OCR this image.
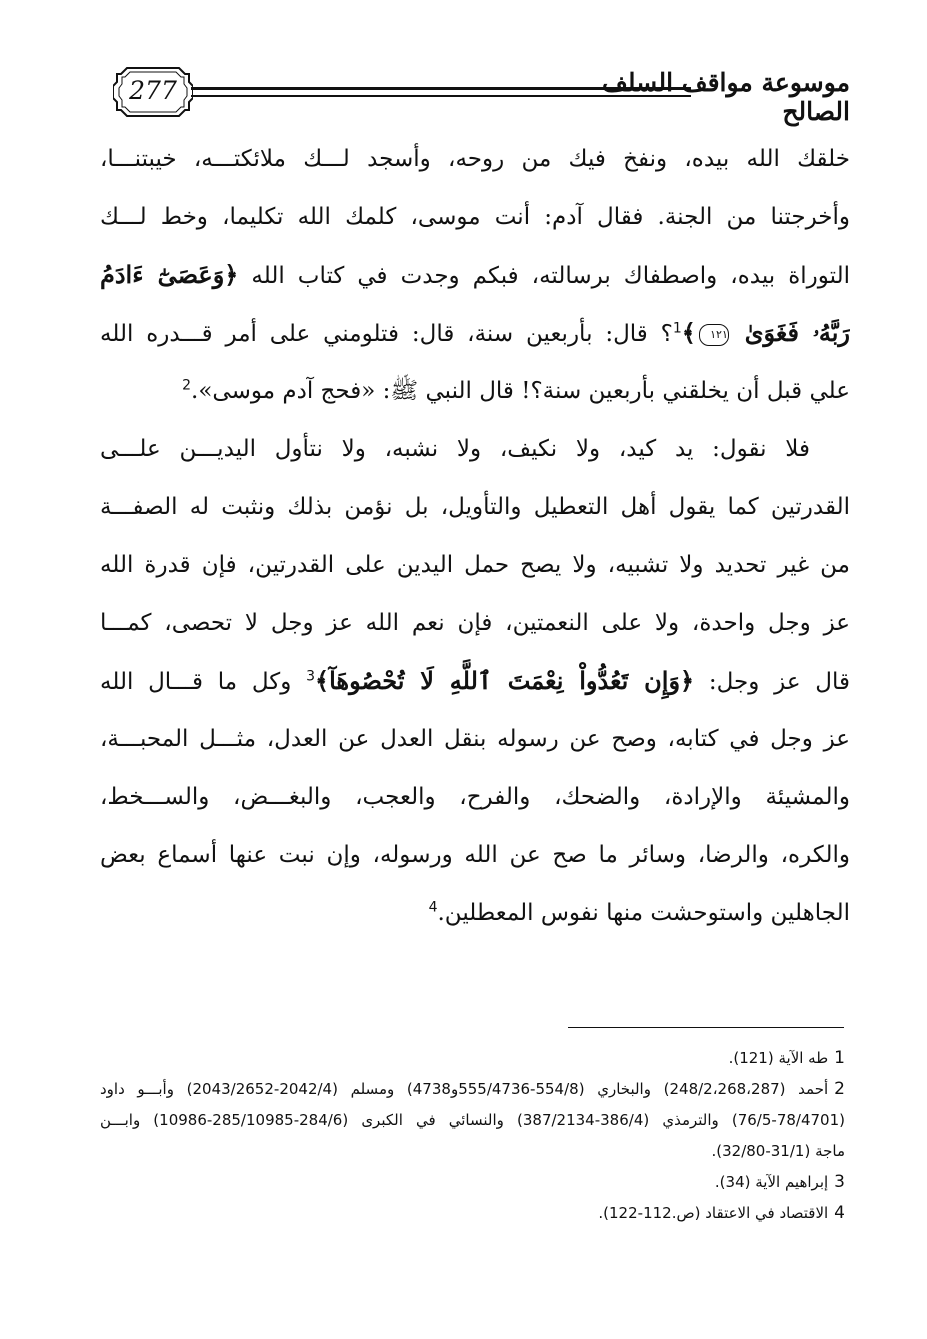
277	موسوعة مواقف السلف الصالح
خلقك الله بيده، ونفخ فيك من روحه، وأسجد لـــك ملائكتـــه، خيبتنـــا،
وأخرجتنا من الجنة. فقال آدم: أنت موسى، كلمك الله تكليما، وخط لـــك
التوراة بيده، واصطفاك برسالته، فبكم وجدت في كتاب الله ﴿وَعَصَىٰٓ ءَادَمُ
رَبَّهُۥ فَغَوَىٰ ١٢١﴾$^1$؟ قال: بأربعين سنة، قال: فتلومني على أمر قـــدره الله
علي قبل أن يخلقني بأربعين سنة؟! قال النبي ﷺ: «فحج آدم موسى».$^2$
فلا نقول: يد كيد، ولا نكيف، ولا نشبه، ولا نتأول اليديـــن علـــى
القدرتين كما يقول أهل التعطيل والتأويل، بل نؤمن بذلك ونثبت له الصفـــة
من غير تحديد ولا تشبيه، ولا يصح حمل اليدين على القدرتين، فإن قدرة الله
عز وجل واحدة، ولا على النعمتين، فإن نعم الله عز وجل لا تحصى، كمـــا
قال عز وجل: ﴿وَإِن تَعُدُّواْ نِعْمَتَ ٱللَّهِ لَا تُحْصُوهَآ﴾$^3$ وكل ما قـــال الله
عز وجل في كتابه، وصح عن رسوله بنقل العدل عن العدل، مثـــل المحبـــة،
والمشيئة والإرادة، والضحك، والفرح، والعجب، والبغـــض، والســـخط،
والكره، والرضا، وسائر ما صح عن الله ورسوله، وإن نبت عنها أسماع بعض
الجاهلين واستوحشت منها نفوس المعطلين.$^4$
1طه الآية (121).
2أحمد (248/2،268،287) والبخاري (554/8-555/4736و4738) ومسلم (2042/4-2043/2652) وأبـــو داود
(76/5-78/4701) والترمذي (386/4-387/2134) والنسائي في الكبرى (284/6-285/10985-10986) وابـــن
ماجة (31/1-32/80).
3إبراهيم الآية (34).
4الاقتصاد في الاعتقاد (ص.112-122).
